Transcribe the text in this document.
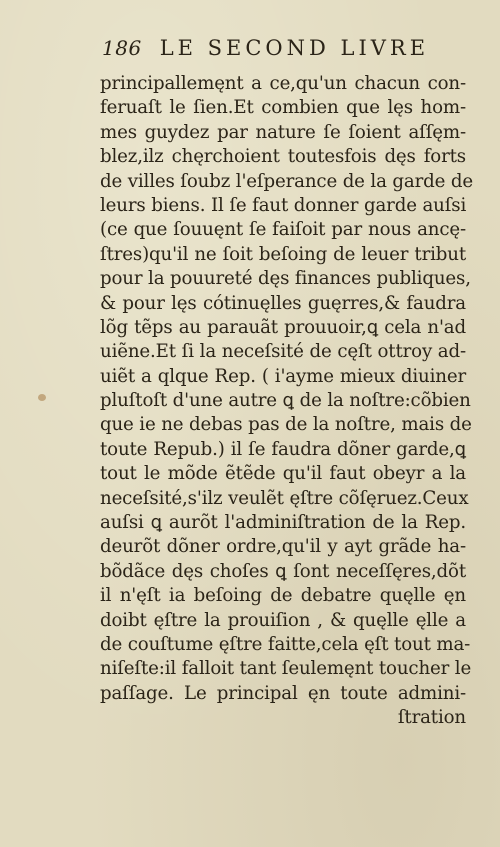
186 LE SECOND LIVRE
principallemęnt a ce,qu'un chacun con-
feruaſt le ſien.Et combien que lęs hom-
mes guydez par nature ſe ſoient aſſęm-
blez,ilz chęrchoient toutesfois dęs forts
de villes ſoubz l'eſperance de la garde de
leurs biens. Il ſe faut donner garde auſsi
(ce que ſouuęnt ſe faiſoit par nous ancę-
ſtres)qu'il ne ſoit beſoing de leuer tribut
pour la pouureté dęs finances publiques,
& pour lęs cótinuęlles guęrres,& faudra
lõg tẽps au parauãt prouuoir,ꝗ cela n'ad
uiẽne.Et ſi la neceſsité de cęſt ottroy ad-
uiẽt a qlque Rep. ( i'ayme mieux diuiner
pluſtoſt d'une autre ꝗ de la noſtre:cõbien
que ie ne debas pas de la noſtre, mais de
toute Repub.) il ſe faudra dõner garde,ꝗ
tout le mõde ẽtẽde qu'il faut obeyr a la
neceſsité,s'ilz veulẽt ęſtre cõſęruez.Ceux
auſsi ꝗ aurõt l'adminiſtration de la Rep.
deurõt dõner ordre,qu'il y ayt grãde ha-
bõdãce dęs choſes ꝗ ſont neceſſęres,dõt
il n'ęſt ia beſoing de debatre quęlle ęn
doibt ęſtre la prouiſion , & quęlle ęlle a
de couſtume ęſtre faitte,cela ęſt tout ma-
niſeſte:il falloit tant ſeulemęnt toucher le
paſſage. Le principal ęn toute admini-
ſtration
